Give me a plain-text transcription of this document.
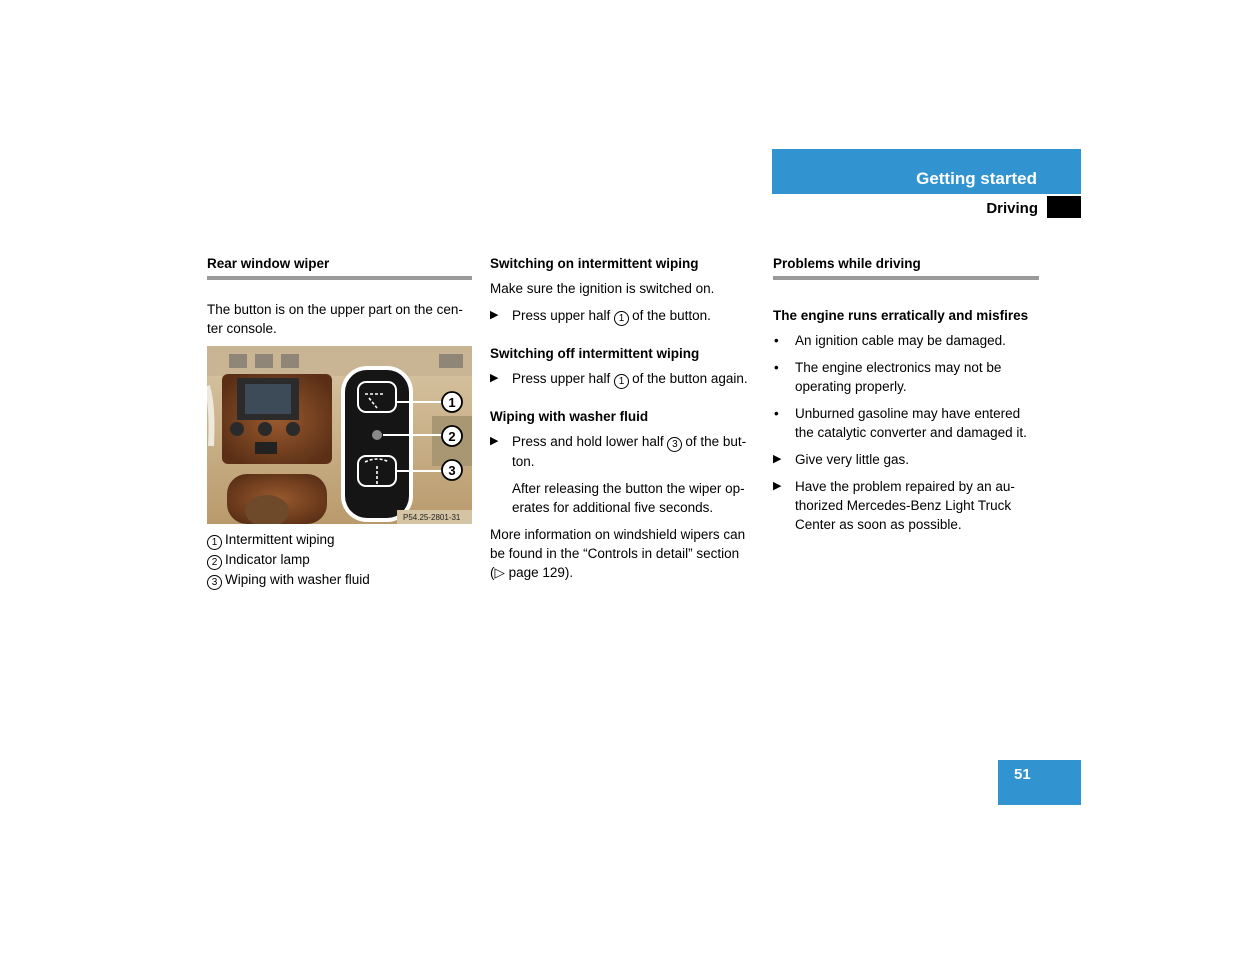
Getting started
Driving
Rear window wiper

The button is on the upper part on the cen-ter console.

1
2
3
P54.25-2801-31

1 Intermittent wiping

2 Indicator lamp

3 Wiping with washer fluid

Switching on intermittent wiping

Make sure the ignition is switched on.

▶ Press upper half 1 of the button.
Switching off intermittent wiping
▶ Press upper half 1 of the button again.
Wiping with washer fluid
▶ Press and hold lower half 3 of the but-ton.

After releasing the button the wiper op-erates for additional five seconds.

More information on windshield wipers can be found in the “Controls in detail” section (▷ page 129).

Problems while driving
The engine runs erratically and misfires
• An ignition cable may be damaged.
• The engine electronics may not be operating properly.
• Unburned gasoline may have entered the catalytic converter and damaged it.
▶ Give very little gas.
▶ Have the problem repaired by an au-thorized Mercedes-Benz Light Truck Center as soon as possible.
51
